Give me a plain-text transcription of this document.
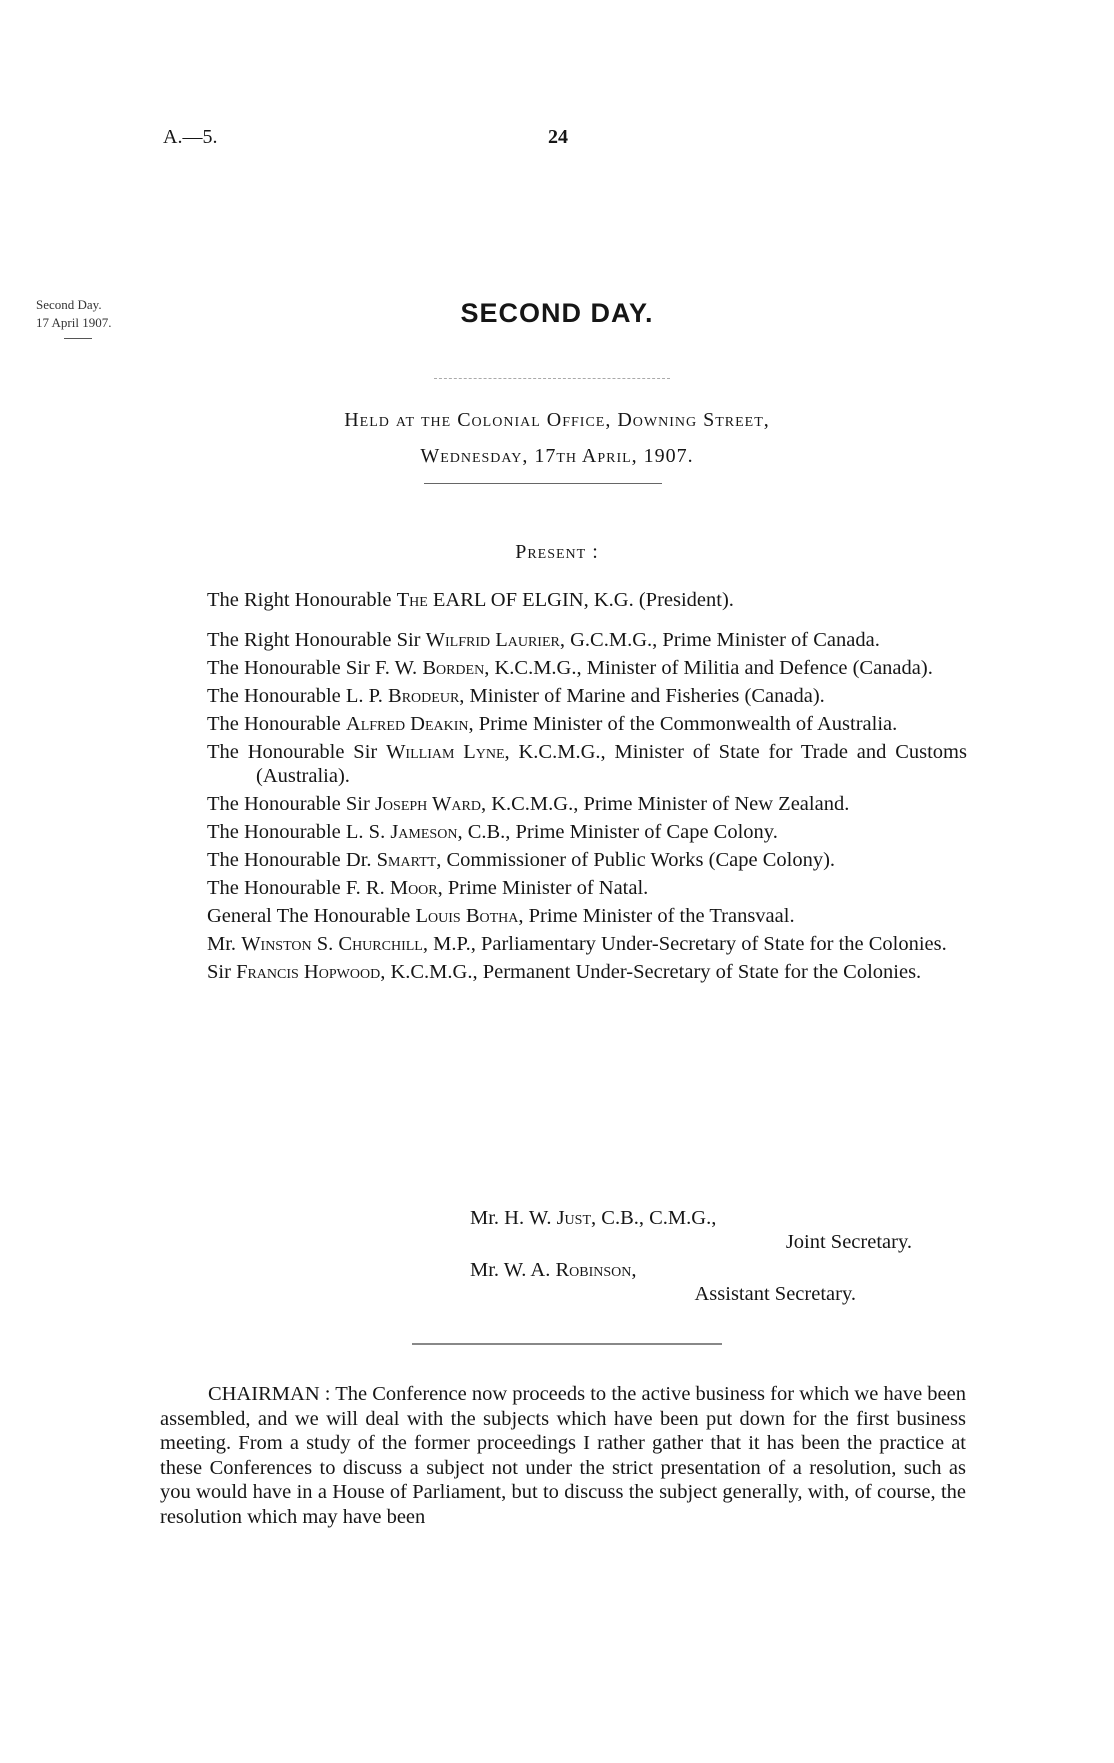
A.—5.	24
Second Day.
17 April 1907.	SECOND DAY.
Held at the Colonial Office, Downing Street,
Wednesday, 17th April, 1907.
Present :
The Right Honourable The EARL OF ELGIN, K.G. (President).
The Right Honourable Sir Wilfrid Laurier, G.C.M.G., Prime Minister of Canada.
The Honourable Sir F. W. Borden, K.C.M.G., Minister of Militia and Defence (Canada).
The Honourable L. P. Brodeur, Minister of Marine and Fisheries (Canada).
The Honourable Alfred Deakin, Prime Minister of the Commonwealth of Australia.
The Honourable Sir William Lyne, K.C.M.G., Minister of State for Trade and Customs (Australia).
The Honourable Sir Joseph Ward, K.C.M.G., Prime Minister of New Zealand.
The Honourable L. S. Jameson, C.B., Prime Minister of Cape Colony.
The Honourable Dr. Smartt, Commissioner of Public Works (Cape Colony).
The Honourable F. R. Moor, Prime Minister of Natal.
General The Honourable Louis Botha, Prime Minister of the Transvaal.
Mr. Winston S. Churchill, M.P., Parliamentary Under-Secretary of State for the Colonies.
Sir Francis Hopwood, K.C.M.G., Permanent Under-Secretary of State for the Colonies.
Mr. H. W. Just, C.B., C.M.G.,
Joint Secretary.
Mr. W. A. Robinson,
Assistant Secretary.
CHAIRMAN : The Conference now proceeds to the active business for which we have been assembled, and we will deal with the subjects which have been put down for the first business meeting. From a study of the former proceedings I rather gather that it has been the practice at these Conferences to discuss a subject not under the strict presentation of a resolution, such as you would have in a House of Parliament, but to discuss the subject generally, with, of course, the resolution which may have been
